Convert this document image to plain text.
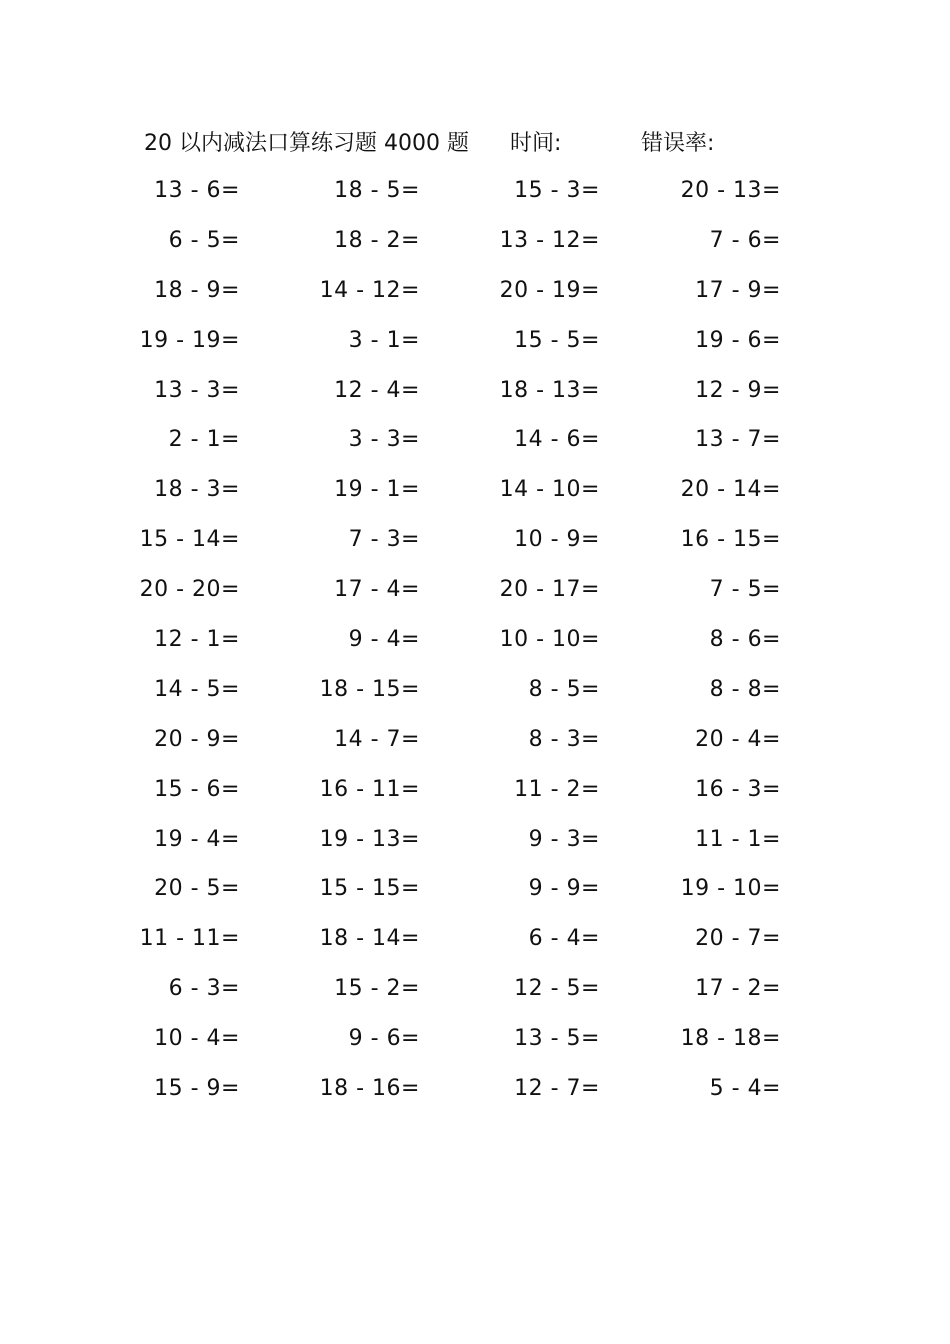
20 以内减法口算练习题 4000 题 时间:	错误率:
13 - 6=	18 - 5=	15 - 3=	20 - 13=
6 - 5=	18 - 2=	13 - 12=	7 - 6=
18 - 9=	14 - 12=	20 - 19=	17 - 9=
19 - 19=	3 - 1=	15 - 5=	19 - 6=
13 - 3=	12 - 4=	18 - 13=	12 - 9=
2 - 1=	3 - 3=	14 - 6=	13 - 7=
18 - 3=	19 - 1=	14 - 10=	20 - 14=
15 - 14=	7 - 3=	10 - 9=	16 - 15=
20 - 20=	17 - 4=	20 - 17=	7 - 5=
12 - 1=	9 - 4=	10 - 10=	8 - 6=
14 - 5=	18 - 15=	8 - 5=	8 - 8=
20 - 9=	14 - 7=	8 - 3=	20 - 4=
15 - 6=	16 - 11=	11 - 2=	16 - 3=
19 - 4=	19 - 13=	9 - 3=	11 - 1=
20 - 5=	15 - 15=	9 - 9=	19 - 10=
11 - 11=	18 - 14=	6 - 4=	20 - 7=
6 - 3=	15 - 2=	12 - 5=	17 - 2=
10 - 4=	9 - 6=	13 - 5=	18 - 18=
15 - 9=	18 - 16=	12 - 7=	5 - 4=
